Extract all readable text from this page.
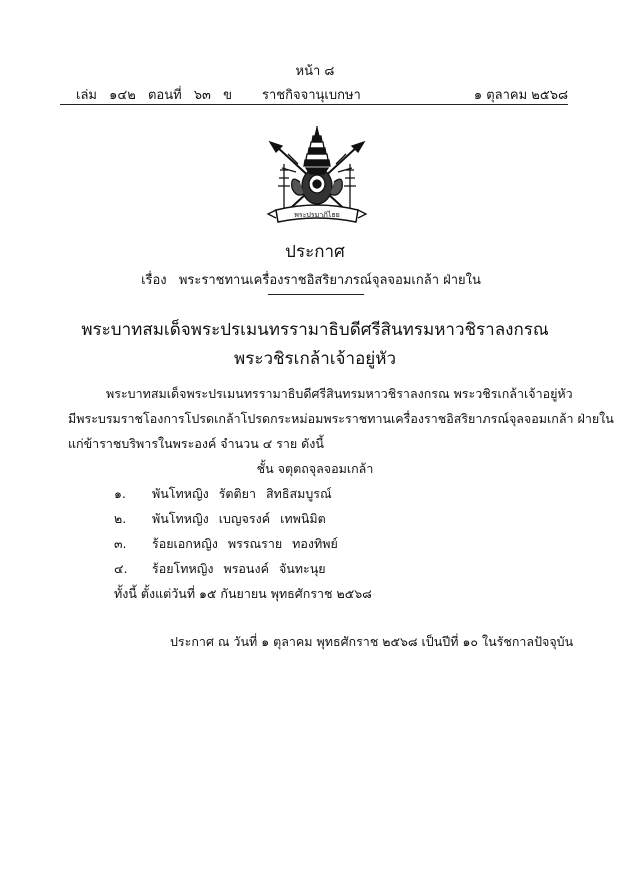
หน้า ๘
เล่ม ๑๔๒ ตอนที่ ๖๓ ข	ราชกิจจานุเบกษา	๑ ตุลาคม ๒๕๖๘
พระปรมาภิไธย
ประกาศ
เรื่อง พระราชทานเครื่องราชอิสริยาภรณ์จุลจอมเกล้า ฝ่ายใน
พระบาทสมเด็จพระปรเมนทรรามาธิบดีศรีสินทรมหาวชิราลงกรณ
พระวชิรเกล้าเจ้าอยู่หัว
พระบาทสมเด็จพระปรเมนทรรามาธิบดีศรีสินทรมหาวชิราลงกรณ พระวชิรเกล้าเจ้าอยู่หัว
มีพระบรมราชโองการโปรดเกล้าโปรดกระหม่อมพระราชทานเครื่องราชอิสริยาภรณ์จุลจอมเกล้า ฝ่ายใน
แก่ข้าราชบริพารในพระองค์ จำนวน ๔ ราย ดังนี้
ชั้น จตุตถจุลจอมเกล้า
๑. พันโทหญิง รัตติยา สิทธิสมบูรณ์
๒. พันโทหญิง เบญจรงค์ เทพนิมิต
๓. ร้อยเอกหญิง พรรณราย ทองทิพย์
๔. ร้อยโทหญิง พรอนงค์ จันทะนุย
ทั้งนี้ ตั้งแต่วันที่ ๑๕ กันยายน พุทธศักราช ๒๕๖๘
ประกาศ ณ วันที่ ๑ ตุลาคม พุทธศักราช ๒๕๖๘ เป็นปีที่ ๑๐ ในรัชกาลปัจจุบัน
